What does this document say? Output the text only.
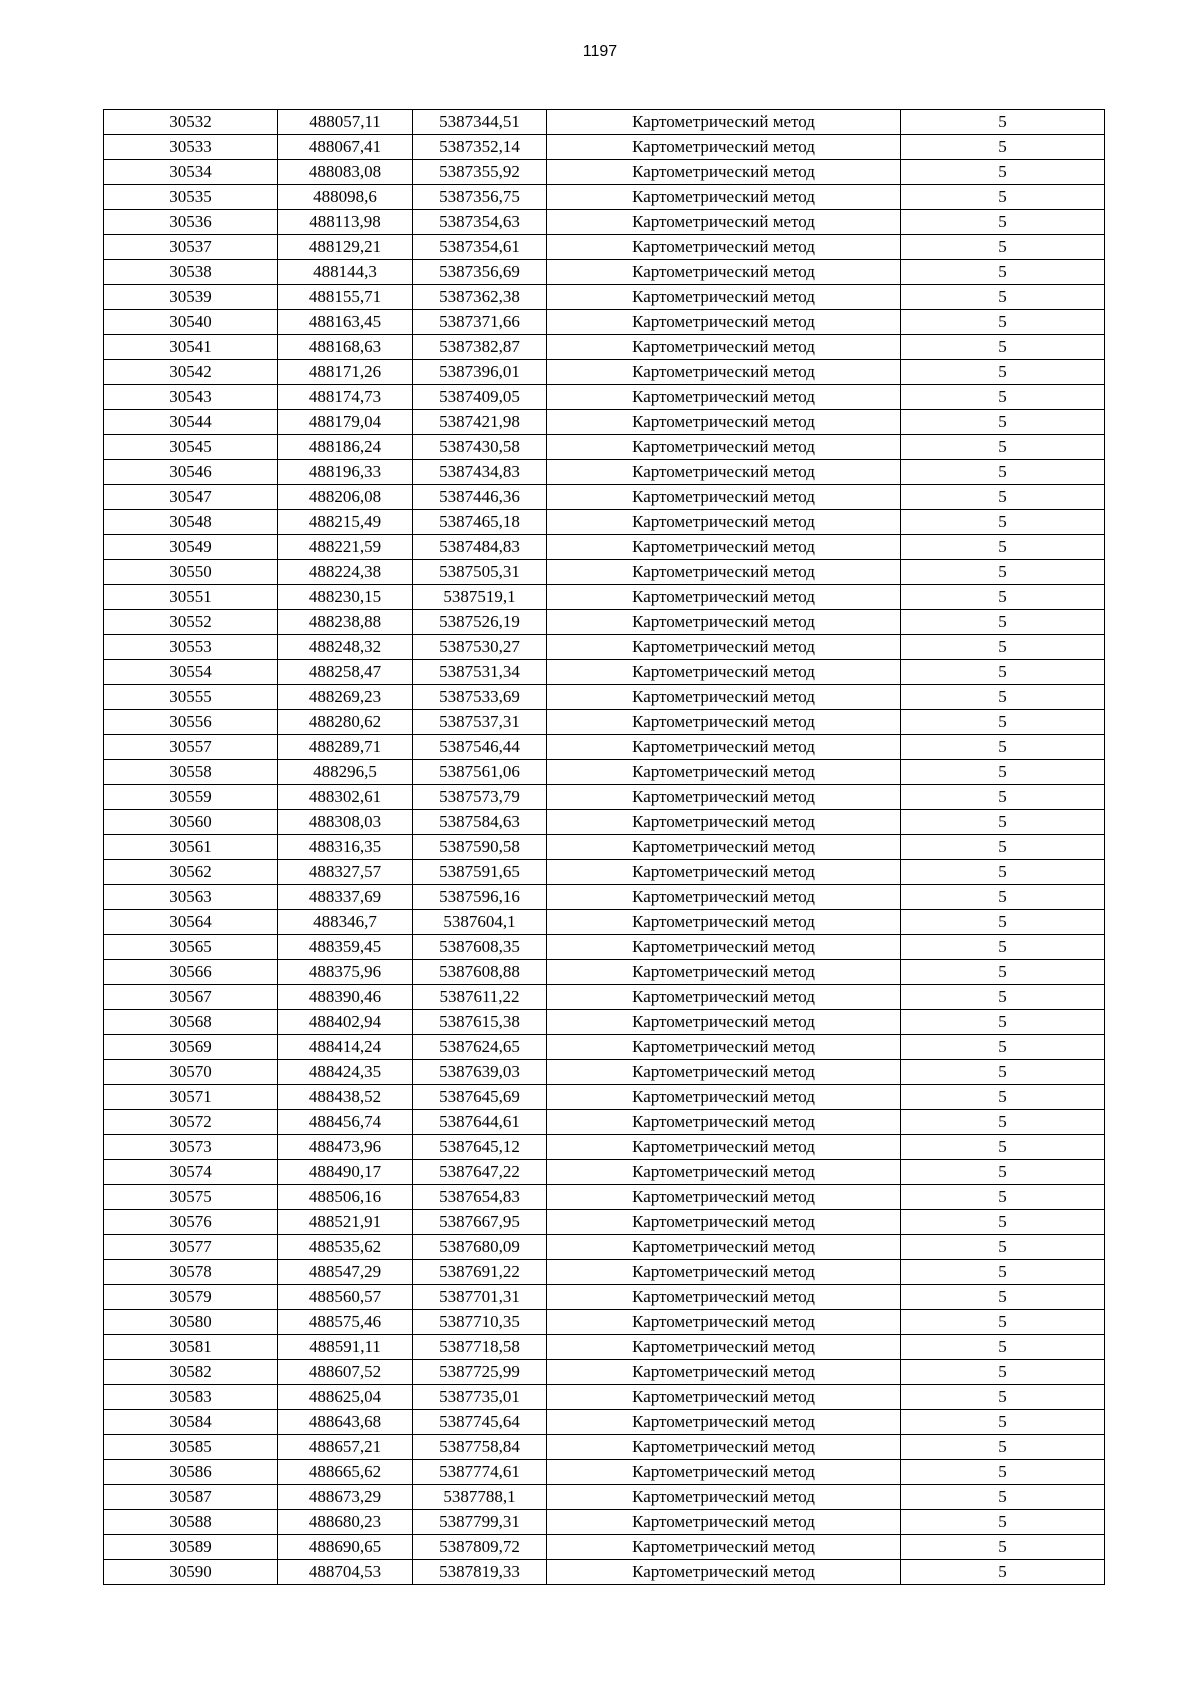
1197
30532	488057,11	5387344,51	Картометрический метод	5
30533	488067,41	5387352,14	Картометрический метод	5
30534	488083,08	5387355,92	Картометрический метод	5
30535	488098,6	5387356,75	Картометрический метод	5
30536	488113,98	5387354,63	Картометрический метод	5
30537	488129,21	5387354,61	Картометрический метод	5
30538	488144,3	5387356,69	Картометрический метод	5
30539	488155,71	5387362,38	Картометрический метод	5
30540	488163,45	5387371,66	Картометрический метод	5
30541	488168,63	5387382,87	Картометрический метод	5
30542	488171,26	5387396,01	Картометрический метод	5
30543	488174,73	5387409,05	Картометрический метод	5
30544	488179,04	5387421,98	Картометрический метод	5
30545	488186,24	5387430,58	Картометрический метод	5
30546	488196,33	5387434,83	Картометрический метод	5
30547	488206,08	5387446,36	Картометрический метод	5
30548	488215,49	5387465,18	Картометрический метод	5
30549	488221,59	5387484,83	Картометрический метод	5
30550	488224,38	5387505,31	Картометрический метод	5
30551	488230,15	5387519,1	Картометрический метод	5
30552	488238,88	5387526,19	Картометрический метод	5
30553	488248,32	5387530,27	Картометрический метод	5
30554	488258,47	5387531,34	Картометрический метод	5
30555	488269,23	5387533,69	Картометрический метод	5
30556	488280,62	5387537,31	Картометрический метод	5
30557	488289,71	5387546,44	Картометрический метод	5
30558	488296,5	5387561,06	Картометрический метод	5
30559	488302,61	5387573,79	Картометрический метод	5
30560	488308,03	5387584,63	Картометрический метод	5
30561	488316,35	5387590,58	Картометрический метод	5
30562	488327,57	5387591,65	Картометрический метод	5
30563	488337,69	5387596,16	Картометрический метод	5
30564	488346,7	5387604,1	Картометрический метод	5
30565	488359,45	5387608,35	Картометрический метод	5
30566	488375,96	5387608,88	Картометрический метод	5
30567	488390,46	5387611,22	Картометрический метод	5
30568	488402,94	5387615,38	Картометрический метод	5
30569	488414,24	5387624,65	Картометрический метод	5
30570	488424,35	5387639,03	Картометрический метод	5
30571	488438,52	5387645,69	Картометрический метод	5
30572	488456,74	5387644,61	Картометрический метод	5
30573	488473,96	5387645,12	Картометрический метод	5
30574	488490,17	5387647,22	Картометрический метод	5
30575	488506,16	5387654,83	Картометрический метод	5
30576	488521,91	5387667,95	Картометрический метод	5
30577	488535,62	5387680,09	Картометрический метод	5
30578	488547,29	5387691,22	Картометрический метод	5
30579	488560,57	5387701,31	Картометрический метод	5
30580	488575,46	5387710,35	Картометрический метод	5
30581	488591,11	5387718,58	Картометрический метод	5
30582	488607,52	5387725,99	Картометрический метод	5
30583	488625,04	5387735,01	Картометрический метод	5
30584	488643,68	5387745,64	Картометрический метод	5
30585	488657,21	5387758,84	Картометрический метод	5
30586	488665,62	5387774,61	Картометрический метод	5
30587	488673,29	5387788,1	Картометрический метод	5
30588	488680,23	5387799,31	Картометрический метод	5
30589	488690,65	5387809,72	Картометрический метод	5
30590	488704,53	5387819,33	Картометрический метод	5
